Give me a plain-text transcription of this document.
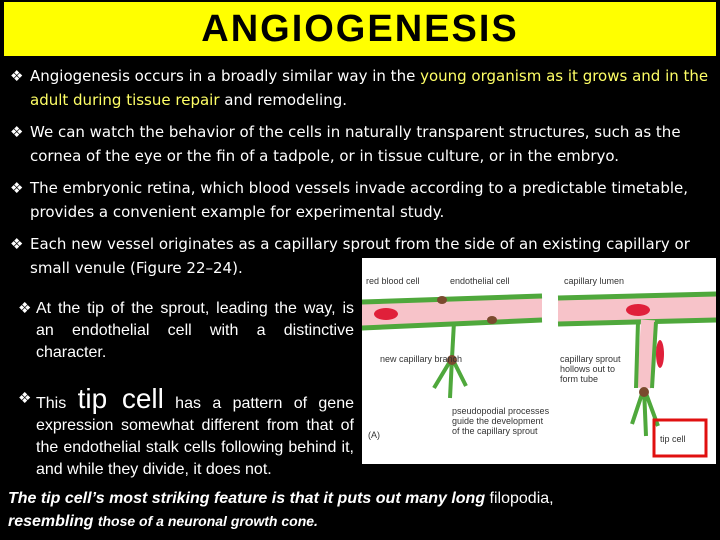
ANGIOGENESIS
❖ Angiogenesis occurs in a broadly similar way in the young organism as it grows and in the adult during tissue repair and remodeling.
❖ We can watch the behavior of the cells in naturally transparent structures, such as the cornea of the eye or the fin of a tadpole, or in tissue culture, or in the embryo.
❖ The embryonic retina, which blood vessels invade according to a predictable timetable, provides a convenient example for experimental study.
❖ Each new vessel originates as a capillary sprout from the side of an existing capillary or small venule (Figure 22–24).
❖ At the tip of the sprout, leading the way, is an endothelial cell with a distinctive character.
❖ This tip cell has a pattern of gene expression somewhat different from that of the endothelial stalk cells following behind it, and while they divide, it does not.
red blood cell	endothelial cell	capillary lumen
new capillary branch	capillary sprout
hollows out to
form tube
pseudopodial processes
guide the development
of the capillary sprout
(A)	tip cell
The tip cell’s most striking feature is that it puts out many long filopodia,
resembling those of a neuronal growth cone.
